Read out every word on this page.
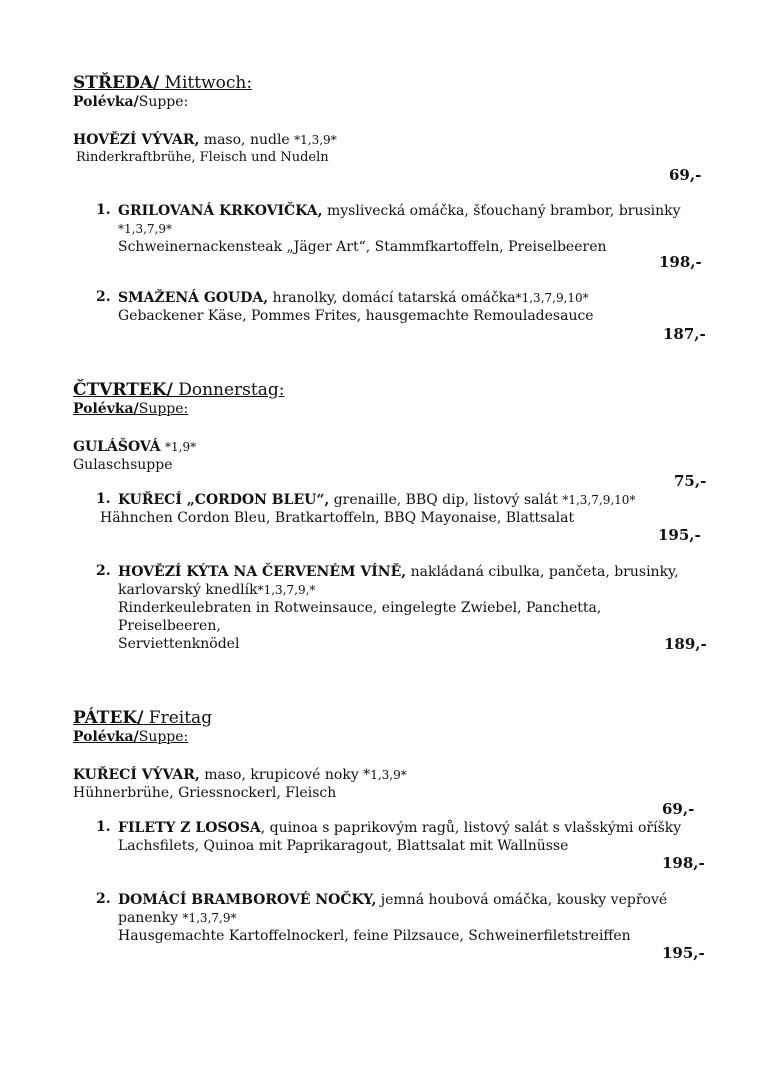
STŘEDA/ Mittwoch:
Polévka/Suppe:
HOVĚZÍ VÝVAR, maso, nudle *1,3,9*
Rinderkraftbrühe, Fleisch und Nudeln
69,-
1. GRILOVANÁ KRKOVIČKA, myslivecká omáčka, šťouchaný brambor, brusinky
*1,3,7,9*
Schweinernackensteak „Jäger Art“, Stammfkartoffeln, Preiselbeeren
198,-
2. SMAŽENÁ GOUDA, hranolky, domácí tatarská omáčka*1,3,7,9,10*
Gebackener Käse, Pommes Frites, hausgemachte Remouladesauce
187,-
ČTVRTEK/ Donnerstag:
Polévka/Suppe:
GULÁŠOVÁ *1,9*
Gulaschsuppe
75,-
1. KUŘECÍ „CORDON BLEU“, grenaille, BBQ dip, listový salát *1,3,7,9,10*
Hähnchen Cordon Bleu, Bratkartoffeln, BBQ Mayonaise, Blattsalat
195,-
2. HOVĚZÍ KÝTA NA ČERVENÉM VÍNĚ, nakládaná cibulka, pančeta, brusinky,
karlovarský knedlík*1,3,7,9,*
Rinderkeulebraten in Rotweinsauce, eingelegte Zwiebel, Panchetta, Preiselbeeren,
Serviettenknödel	189,-
PÁTEK/ Freitag
Polévka/Suppe:
KUŘECÍ VÝVAR, maso, krupicové noky *1,3,9*
Hühnerbrühe, Griessnockerl, Fleisch
69,-
1. FILETY Z LOSOSA, quinoa s paprikovým ragů, listový salát s vlašskými oříšky
Lachsfilets, Quinoa mit Paprikaragout, Blattsalat mit Wallnüsse
198,-
2. DOMÁCÍ BRAMBOROVÉ NOČKY, jemná houbová omáčka, kousky vepřové
panenky *1,3,7,9*
Hausgemachte Kartoffelnockerl, feine Pilzsauce, Schweinerfiletstreiffen
195,-
